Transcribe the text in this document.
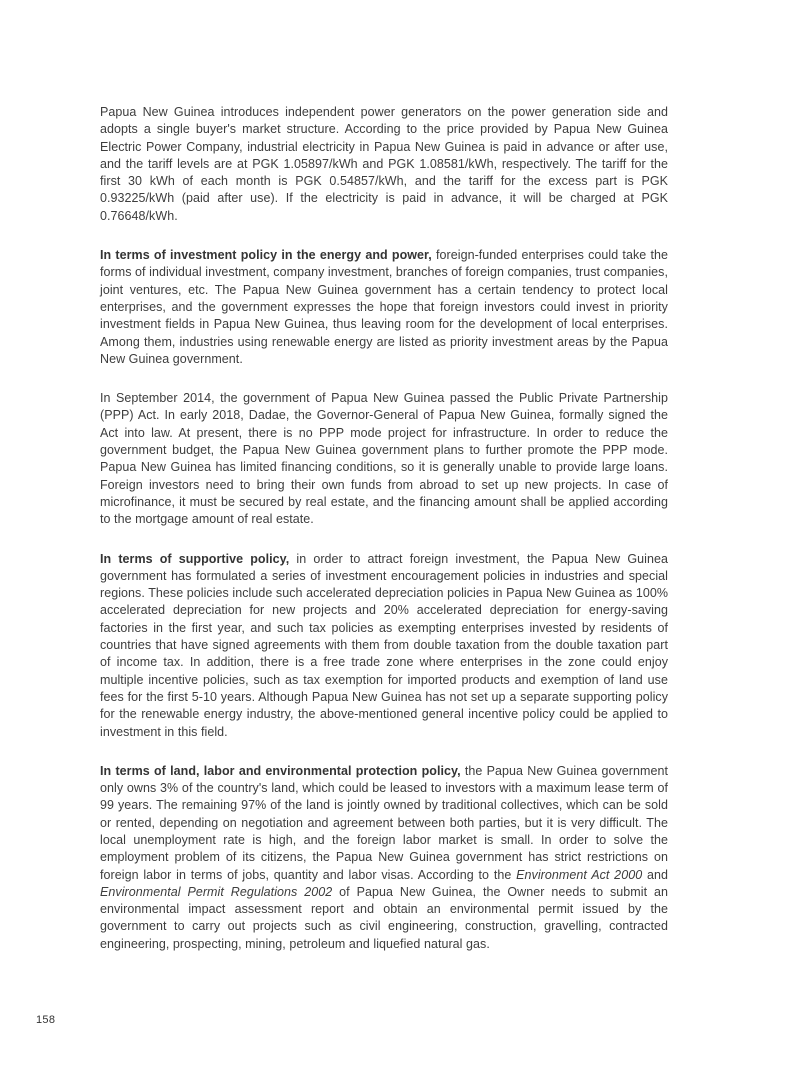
Papua New Guinea introduces independent power generators on the power generation side and adopts a single buyer's market structure. According to the price provided by Papua New Guinea Electric Power Company, industrial electricity in Papua New Guinea is paid in advance or after use, and the tariff levels are at PGK 1.05897/kWh and PGK 1.08581/kWh, respectively. The tariff for the first 30 kWh of each month is PGK 0.54857/kWh, and the tariff for the excess part is PGK 0.93225/kWh (paid after use). If the electricity is paid in advance, it will be charged at PGK 0.76648/kWh.

In terms of investment policy in the energy and power, foreign-funded enterprises could take the forms of individual investment, company investment, branches of foreign companies, trust companies, joint ventures, etc. The Papua New Guinea government has a certain tendency to protect local enterprises, and the government expresses the hope that foreign investors could invest in priority investment fields in Papua New Guinea, thus leaving room for the development of local enterprises. Among them, industries using renewable energy are listed as priority investment areas by the Papua New Guinea government.

In September 2014, the government of Papua New Guinea passed the Public Private Partnership (PPP) Act. In early 2018, Dadae, the Governor-General of Papua New Guinea, formally signed the Act into law. At present, there is no PPP mode project for infrastructure. In order to reduce the government budget, the Papua New Guinea government plans to further promote the PPP mode. Papua New Guinea has limited financing conditions, so it is generally unable to provide large loans. Foreign investors need to bring their own funds from abroad to set up new projects. In case of microfinance, it must be secured by real estate, and the financing amount shall be applied according to the mortgage amount of real estate.

In terms of supportive policy, in order to attract foreign investment, the Papua New Guinea government has formulated a series of investment encouragement policies in industries and special regions. These policies include such accelerated depreciation policies in Papua New Guinea as 100% accelerated depreciation for new projects and 20% accelerated depreciation for energy-saving factories in the first year, and such tax policies as exempting enterprises invested by residents of countries that have signed agreements with them from double taxation from the double taxation part of income tax. In addition, there is a free trade zone where enterprises in the zone could enjoy multiple incentive policies, such as tax exemption for imported products and exemption of land use fees for the first 5-10 years. Although Papua New Guinea has not set up a separate supporting policy for the renewable energy industry, the above-mentioned general incentive policy could be applied to investment in this field.

In terms of land, labor and environmental protection policy, the Papua New Guinea government only owns 3% of the country's land, which could be leased to investors with a maximum lease term of 99 years. The remaining 97% of the land is jointly owned by traditional collectives, which can be sold or rented, depending on negotiation and agreement between both parties, but it is very difficult. The local unemployment rate is high, and the foreign labor market is small. In order to solve the employment problem of its citizens, the Papua New Guinea government has strict restrictions on foreign labor in terms of jobs, quantity and labor visas. According to the Environment Act 2000 and Environmental Permit Regulations 2002 of Papua New Guinea, the Owner needs to submit an environmental impact assessment report and obtain an environmental permit issued by the government to carry out projects such as civil engineering, construction, gravelling, contracted engineering, prospecting, mining, petroleum and liquefied natural gas.

158
